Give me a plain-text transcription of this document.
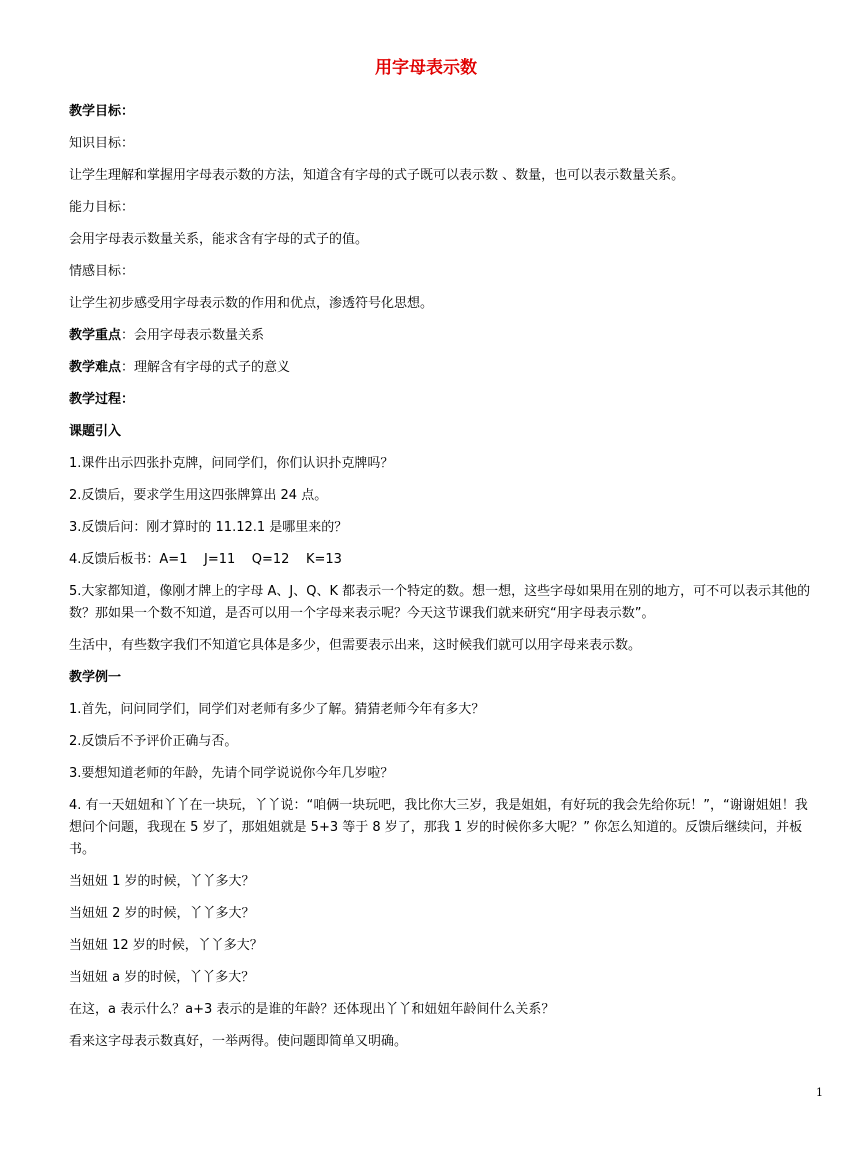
用字母表示数

教学目标：

知识目标：

让学生理解和掌握用字母表示数的方法，知道含有字母的式子既可以表示数 、数量，也可以表示数量关系。

能力目标：

会用字母表示数量关系，能求含有字母的式子的值。

情感目标：

让学生初步感受用字母表示数的作用和优点，渗透符号化思想。

教学重点：会用字母表示数量关系

教学难点：理解含有字母的式子的意义

教学过程：

课题引入

1.课件出示四张扑克牌，问同学们，你们认识扑克牌吗？

2.反馈后，要求学生用这四张牌算出 24 点。

3.反馈后问：刚才算时的 11.12.1 是哪里来的？

4.反馈后板书：A=1    J=11    Q=12    K=13

5.大家都知道，像刚才牌上的字母 A、J、Q、K 都表示一个特定的数。想一想，这些字母如果用在别的地方，可不可以表示其他的数？那如果一个数不知道，是否可以用一个字母来表示呢？今天这节课我们就来研究“用字母表示数”。

生活中，有些数字我们不知道它具体是多少，但需要表示出来，这时候我们就可以用字母来表示数。

教学例一

1.首先，问问同学们，同学们对老师有多少了解。猜猜老师今年有多大？

2.反馈后不予评价正确与否。

3.要想知道老师的年龄，先请个同学说说你今年几岁啦？

4. 有一天妞妞和丫丫在一块玩，丫丫说：“咱俩一块玩吧，我比你大三岁，我是姐姐，有好玩的我会先给你玩！”，“谢谢姐姐！我想问个问题，我现在 5 岁了，那姐姐就是 5+3 等于 8 岁了，那我 1 岁的时候你多大呢？” 你怎么知道的。反馈后继续问，并板书。

当妞妞 1 岁的时候，丫丫多大？

当妞妞 2 岁的时候，丫丫多大？

当妞妞 12 岁的时候，丫丫多大？

当妞妞 a 岁的时候，丫丫多大？

在这，a 表示什么？a+3 表示的是谁的年龄？还体现出丫丫和妞妞年龄间什么关系？

看来这字母表示数真好，一举两得。使问题即简单又明确。

1
